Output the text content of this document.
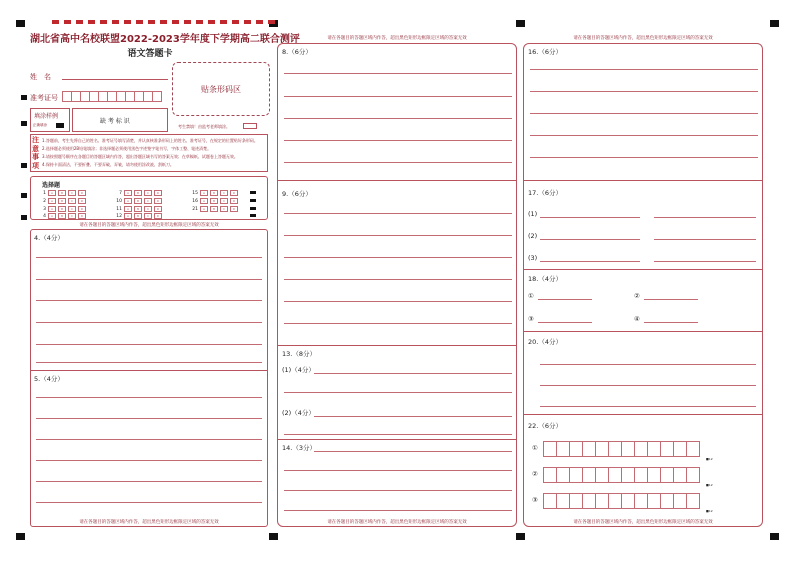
湖北省高中名校联盟2022-2023学年度下学期高二联合测评
语文答题卡
姓　名
准考证号
贴条形码区
填涂样例
正确填涂	缺 考 标 识
考生禁填！由监考老师填涂。
注 意 事 项
1.答题前，考生先将自己的姓名、准考证号填写清楚，并认真核准条形码上的姓名、准考证号，在规定的位置贴好条形码。
2.选择题必须使用2B铅笔填涂；非选择题必须使用黑色字迹签字笔书写，字体工整、笔迹清楚。
3.请按照题号顺序在各题目的答题区域内作答，超出答题区域书写的答案无效；在草稿纸、试题卷上答题无效。
4.保持卡面清洁，不要折叠、不要弄破、弄皱，请勿使用涂改液、刮纸刀。
选择题
1	A	B	C	D
2	A	B	C	D
3	A	B	C	D
4	A	B	C	D
7	A	B	C	D
10	A	B	C	D
11	A	B	C	D
12	A	B	C	D
15	A	B	C	D
16	A	B	C	D
21	A	B	C	D
请在各题目的答题区域内作答，超出黑色矩形边框限定区域的答案无效
4.（4分）
5.（4分）
请在各题目的答题区域内作答，超出黑色矩形边框限定区域的答案无效
请在各题目的答题区域内作答，超出黑色矩形边框限定区域的答案无效
8.（6分）
9.（6分）
13.（8分）
(1)（4分）
(2)（4分）
14.（3分）
请在各题目的答题区域内作答，超出黑色矩形边框限定区域的答案无效
请在各题目的答题区域内作答，超出黑色矩形边框限定区域的答案无效
16.（6分）
17.（6分）
(1)
(2)
(3)
18.（4分）
①	②
③	④
20.（4分）
22.（6分）
①
■12
②
■12
③
■12
请在各题目的答题区域内作答，超出黑色矩形边框限定区域的答案无效
